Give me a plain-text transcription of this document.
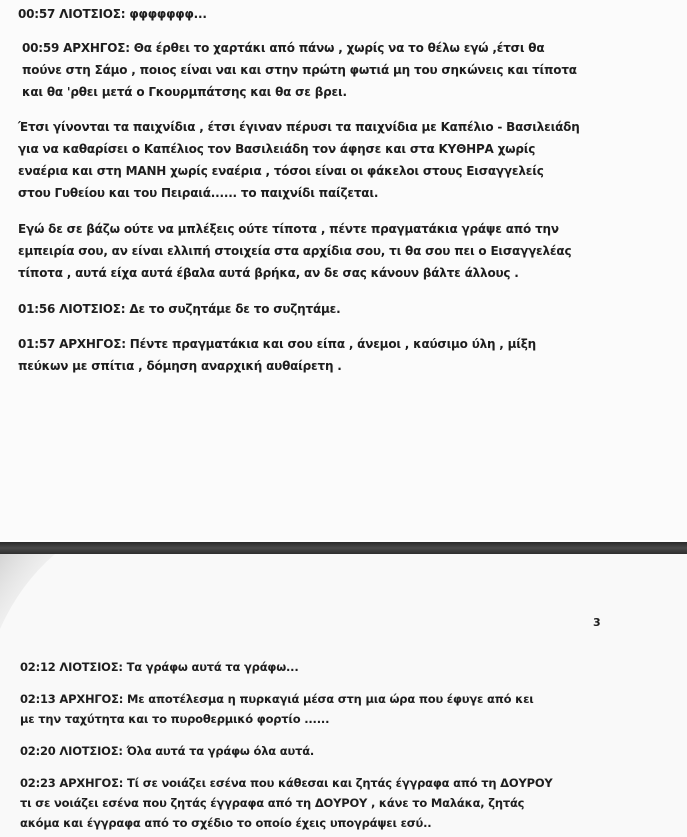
00:57 ΛΙΟΤΣΙΟΣ: φφφφφφφ...
00:59 ΑΡΧΗΓΟΣ: Θα έρθει το χαρτάκι από πάνω , χωρίς να το θέλω εγώ ,έτσι θα
πούνε στη Σάμο , ποιος είναι ναι και στην πρώτη φωτιά μη του σηκώνεις και τίποτα
και θα 'ρθει μετά ο Γκουρμπάτσης και θα σε βρει.
Έτσι γίνονται τα παιχνίδια , έτσι έγιναν πέρυσι τα παιχνίδια με Καπέλιο - Βασιλειάδη
για να καθαρίσει ο Καπέλιος τον Βασιλειάδη τον άφησε και στα ΚΥΘΗΡΑ χωρίς
εναέρια και στη ΜΑΝΗ χωρίς εναέρια , τόσοι είναι οι φάκελοι στους Εισαγγελείς
στου Γυθείου και του Πειραιά...... το παιχνίδι παίζεται.
Εγώ δε σε βάζω ούτε να μπλέξεις ούτε τίποτα , πέντε πραγματάκια γράψε από την
εμπειρία σου, αν είναι ελλιπή στοιχεία στα αρχίδια σου, τι θα σου πει ο Εισαγγελέας
τίποτα , αυτά είχα αυτά έβαλα αυτά βρήκα, αν δε σας κάνουν βάλτε άλλους .
01:56 ΛΙΟΤΣΙΟΣ: Δε το συζητάμε δε το συζητάμε.
01:57 ΑΡΧΗΓΟΣ: Πέντε πραγματάκια και σου είπα , άνεμοι , καύσιμο ύλη , μίξη
πεύκων με σπίτια , δόμηση αναρχική αυθαίρετη .
3
02:12 ΛΙΟΤΣΙΟΣ: Τα γράφω αυτά τα γράφω...
02:13 ΑΡΧΗΓΟΣ: Με αποτέλεσμα η πυρκαγιά μέσα στη μια ώρα που έφυγε από κει
με την ταχύτητα και το πυροθερμικό φορτίο ......
02:20 ΛΙΟΤΣΙΟΣ: Όλα αυτά τα γράφω όλα αυτά.
02:23 ΑΡΧΗΓΟΣ: Τί σε νοιάζει εσένα που κάθεσαι και ζητάς έγγραφα από τη ΔΟΥΡΟΥ
τι σε νοιάζει εσένα που ζητάς έγγραφα από τη ΔΟΥΡΟΥ , κάνε το Μαλάκα, ζητάς
ακόμα και έγγραφα από το σχέδιο το οποίο έχεις υπογράψει εσύ..
